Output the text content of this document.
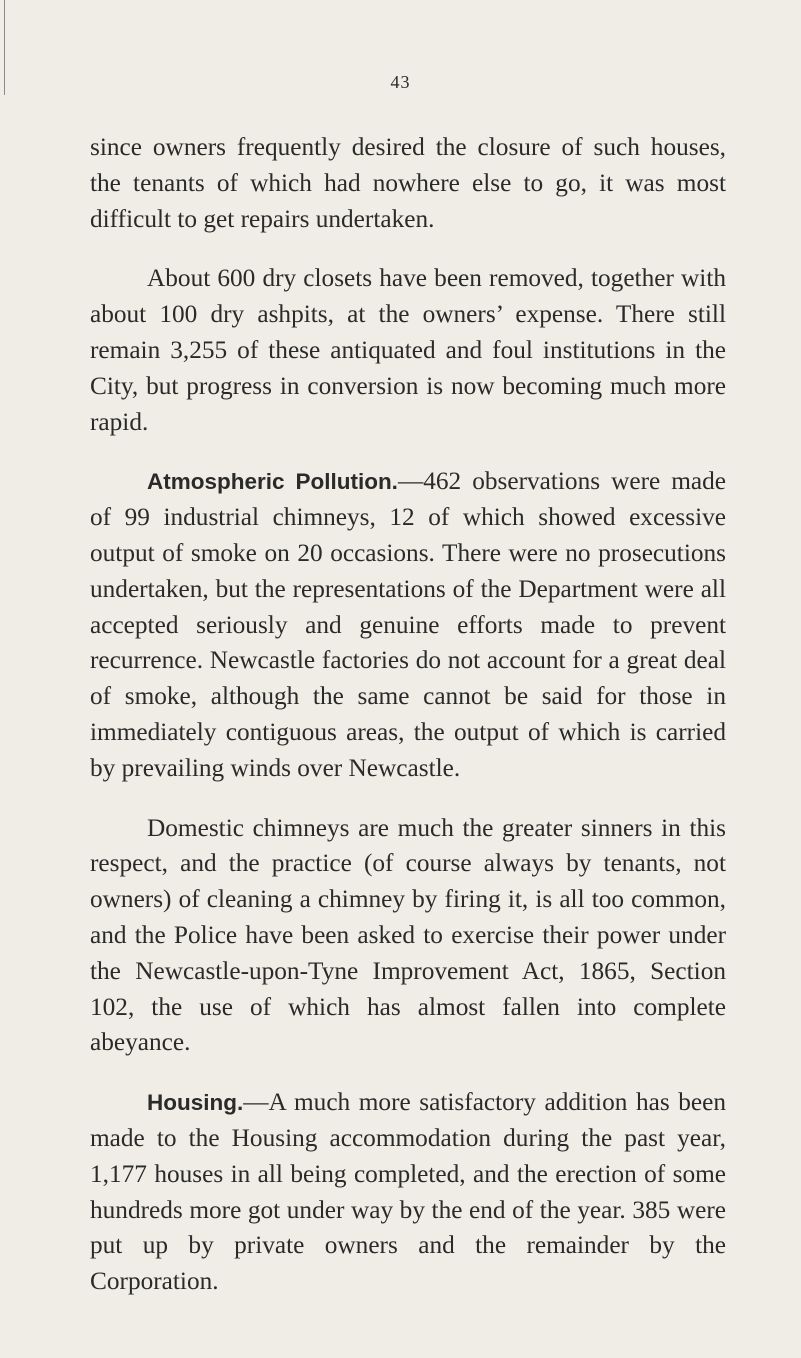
43

since owners frequently desired the closure of such houses, the tenants of which had nowhere else to go, it was most difficult to get repairs undertaken.

About 600 dry closets have been removed, together with about 100 dry ashpits, at the owners’ expense. There still remain 3,255 of these antiquated and foul institutions in the City, but progress in conversion is now becoming much more rapid.

Atmospheric Pollution.—462 observations were made of 99 industrial chimneys, 12 of which showed excessive output of smoke on 20 occasions. There were no prosecutions undertaken, but the representations of the Department were all accepted seriously and genuine efforts made to prevent recurrence. Newcastle factories do not account for a great deal of smoke, although the same cannot be said for those in immediately contiguous areas, the output of which is carried by prevailing winds over Newcastle.

Domestic chimneys are much the greater sinners in this respect, and the practice (of course always by tenants, not owners) of cleaning a chimney by firing it, is all too common, and the Police have been asked to exercise their power under the Newcastle-upon-Tyne Improvement Act, 1865, Section 102, the use of which has almost fallen into complete abeyance.

Housing.—A much more satisfactory addition has been made to the Housing accommodation during the past year, 1,177 houses in all being completed, and the erection of some hundreds more got under way by the end of the year. 385 were put up by private owners and the remainder by the Corporation.
